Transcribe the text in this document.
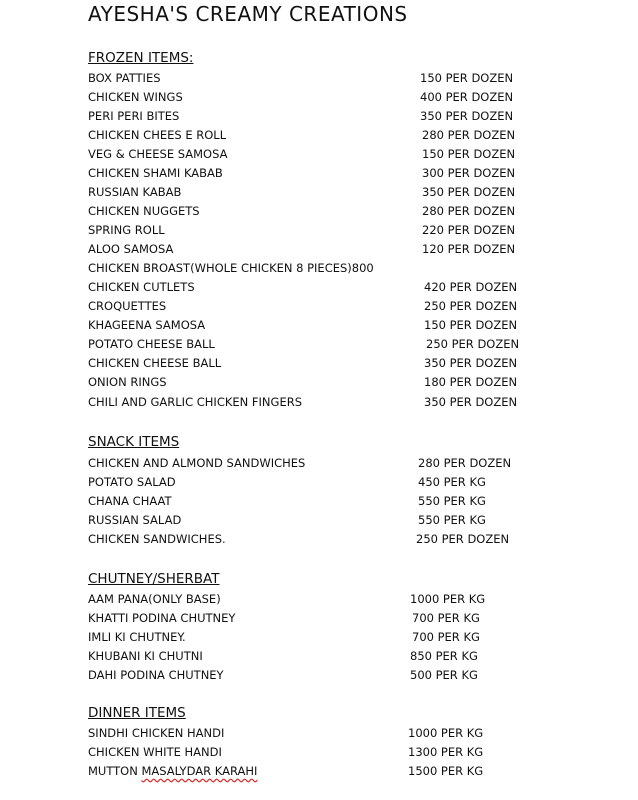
AYESHA'S CREAMY CREATIONS
FROZEN ITEMS:
BOX PATTIES	150 PER DOZEN
CHICKEN WINGS	400 PER DOZEN
PERI PERI BITES	350 PER DOZEN
CHICKEN CHEES E ROLL	280 PER DOZEN
VEG & CHEESE SAMOSA	150 PER DOZEN
CHICKEN SHAMI KABAB	300 PER DOZEN
RUSSIAN KABAB	350 PER DOZEN
CHICKEN NUGGETS	280 PER DOZEN
SPRING ROLL	220 PER DOZEN
ALOO SAMOSA	120 PER DOZEN
CHICKEN BROAST(WHOLE CHICKEN 8 PIECES)800
CHICKEN CUTLETS	420 PER DOZEN
CROQUETTES	250 PER DOZEN
KHAGEENA SAMOSA	150 PER DOZEN
POTATO CHEESE BALL	250 PER DOZEN
CHICKEN CHEESE BALL	350 PER DOZEN
ONION RINGS	180 PER DOZEN
CHILI AND GARLIC CHICKEN FINGERS	350 PER DOZEN
SNACK ITEMS
CHICKEN AND ALMOND SANDWICHES	280 PER DOZEN
POTATO SALAD	450 PER KG
CHANA CHAAT	550 PER KG
RUSSIAN SALAD	550 PER KG
CHICKEN SANDWICHES.	250 PER DOZEN
CHUTNEY/SHERBAT
AAM PANA(ONLY BASE)	1000 PER KG
KHATTI PODINA CHUTNEY	700 PER KG
IMLI KI CHUTNEY.	700 PER KG
KHUBANI KI CHUTNI	850 PER KG
DAHI PODINA CHUTNEY	500 PER KG
DINNER ITEMS
SINDHI CHICKEN HANDI	1000 PER KG
CHICKEN WHITE HANDI	1300 PER KG
MUTTON MASALYDAR KARAHI	1500 PER KG
